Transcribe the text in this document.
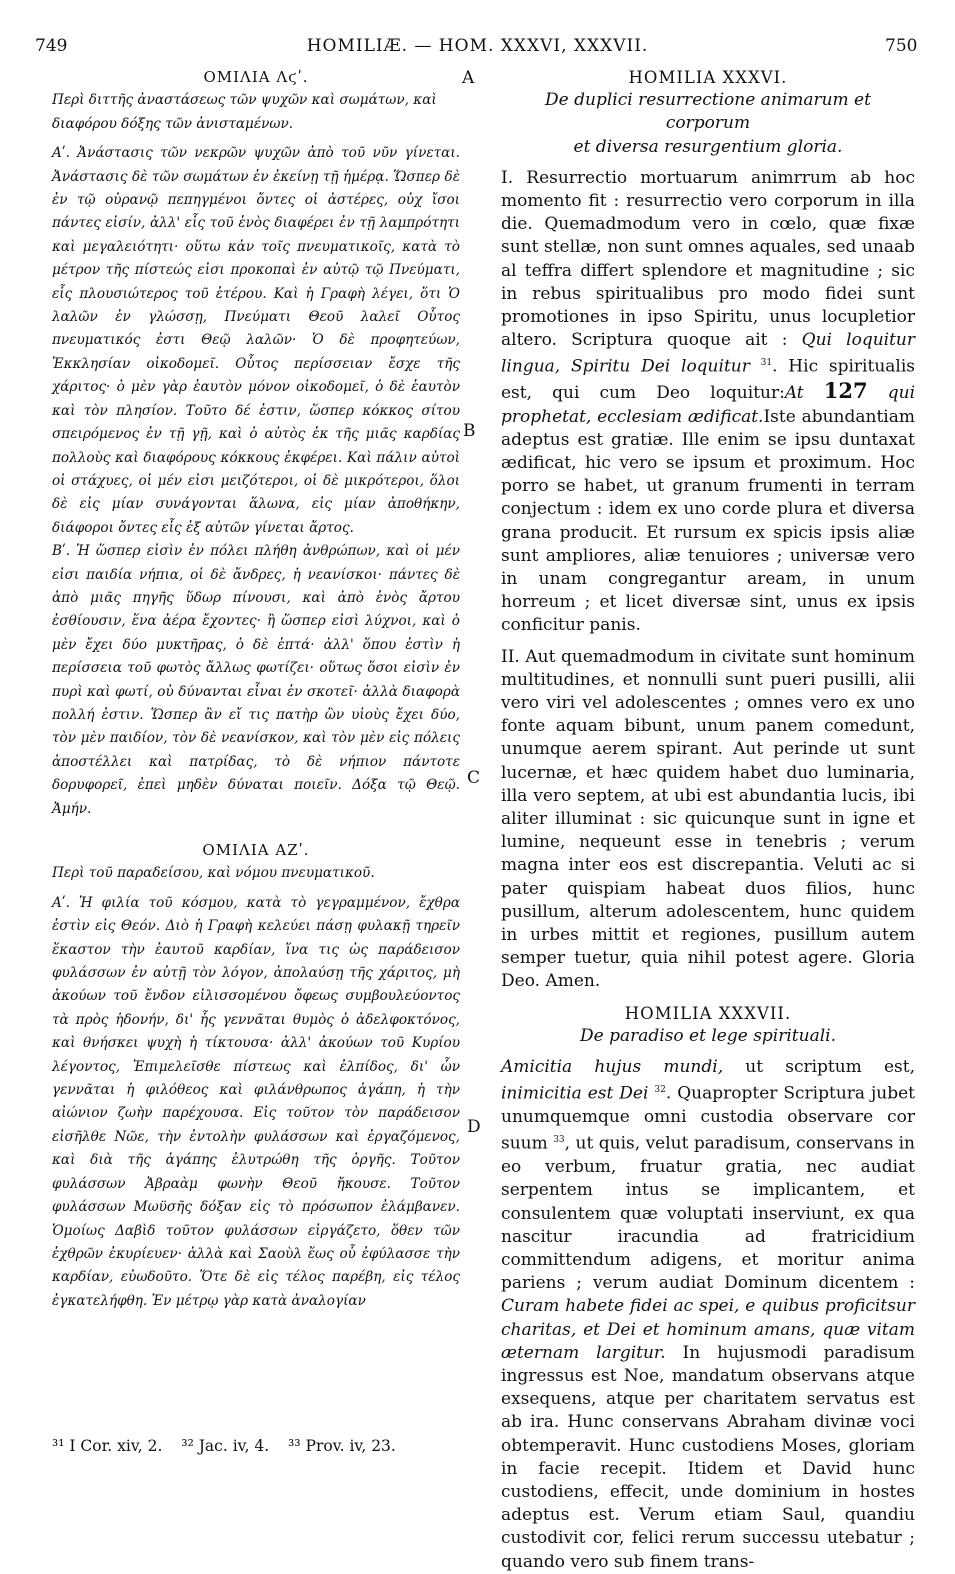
749	HOMILIÆ. — HOM. XXXVI, XXXVII.	750
A
B
C
D
ΟΜΙΛΙΑ Λϛʹ.

Περὶ διττῆς ἀναστάσεως τῶν ψυχῶν καὶ σωμάτων, καὶ διαφόρου δόξης τῶν ἀνισταμένων.

Αʹ. Ἀνάστασις τῶν νεκρῶν ψυχῶν ἀπὸ τοῦ νῦν γίνεται. Ἀνάστασις δὲ τῶν σωμάτων ἐν ἐκείνῃ τῇ ἡμέρᾳ. Ὥσπερ δὲ ἐν τῷ οὐρανῷ πεπηγμένοι ὄντες οἱ ἀστέρες, οὐχ ἴσοι πάντες εἰσίν, ἀλλ' εἷς τοῦ ἑνὸς διαφέρει ἐν τῇ λαμπρότητι καὶ μεγαλειότητι· οὕτω κἀν τοῖς πνευματικοῖς, κατὰ τὸ μέτρον τῆς πίστεώς εἰσι προκοπαὶ ἐν αὐτῷ τῷ Πνεύματι, εἷς πλουσιώτερος τοῦ ἑτέρου. Καὶ ἡ Γραφὴ λέγει, ὅτι Ὁ λαλῶν ἐν γλώσσῃ, Πνεύματι Θεοῦ λαλεῖ Οὗτος πνευματικός ἐστι Θεῷ λαλῶν· Ὁ δὲ προφητεύων, Ἐκκλησίαν οἰκοδομεῖ. Οὗτος περίσσειαν ἔσχε τῆς χάριτος· ὁ μὲν γὰρ ἑαυτὸν μόνον οἰκοδομεῖ, ὁ δὲ ἑαυτὸν καὶ τὸν πλησίον. Τοῦτο δέ ἐστιν, ὥσπερ κόκκος σίτου σπειρόμενος ἐν τῇ γῇ, καὶ ὁ αὐτὸς ἐκ τῆς μιᾶς καρδίας πολλοὺς καὶ διαφόρους κόκκους ἐκφέρει. Καὶ πάλιν αὐτοὶ οἱ στάχυες, οἱ μέν εἰσι μειζότεροι, οἱ δὲ μικρότεροι, ὅλοι δὲ εἰς μίαν συνάγονται ἅλωνα, εἰς μίαν ἀποθήκην, διάφοροι ὄντες εἷς ἐξ αὐτῶν γίνεται ἄρτος.

Βʹ. Ἡ ὥσπερ εἰσὶν ἐν πόλει πλήθη ἀνθρώπων, καὶ οἱ μέν εἰσι παιδία νήπια, οἱ δὲ ἄνδρες, ἡ νεανίσκοι· πάντες δὲ ἀπὸ μιᾶς πηγῆς ὕδωρ πίνουσι, καὶ ἀπὸ ἑνὸς ἄρτου ἐσθίουσιν, ἕνα ἀέρα ἔχοντες· ἢ ὥσπερ εἰσὶ λύχνοι, καὶ ὁ μὲν ἔχει δύο μυκτῆρας, ὁ δὲ ἑπτά· ἀλλ' ὅπου ἐστὶν ἡ περίσσεια τοῦ φωτὸς ἄλλως φωτίζει· οὕτως ὅσοι εἰσὶν ἐν πυρὶ καὶ φωτί, οὐ δύνανται εἶναι ἐν σκοτεῖ· ἀλλὰ διαφορὰ πολλή ἐστιν. Ὥσπερ ἂν εἴ τις πατὴρ ὢν υἱοὺς ἔχει δύο, τὸν μὲν παιδίον, τὸν δὲ νεανίσκον, καὶ τὸν μὲν εἰς πόλεις ἀποστέλλει καὶ πατρίδας, τὸ δὲ νήπιον πάντοτε δορυφορεῖ, ἐπεὶ μηδὲν δύναται ποιεῖν. Δόξα τῷ Θεῷ. Ἀμήν.

ΟΜΙΛΙΑ ΑΖʹ.

Περὶ τοῦ παραδείσου, καὶ νόμου πνευματικοῦ.

Αʹ. Ἡ φιλία τοῦ κόσμου, κατὰ τὸ γεγραμμένον, ἔχθρα ἐστὶν εἰς Θεόν. Διὸ ἡ Γραφὴ κελεύει πάσῃ φυλακῇ τηρεῖν ἕκαστον τὴν ἑαυτοῦ καρδίαν, ἵνα τις ὡς παράδεισον φυλάσσων ἐν αὐτῇ τὸν λόγον, ἀπολαύσῃ τῆς χάριτος, μὴ ἀκούων τοῦ ἔνδον εἱλισσομένου ὄφεως συμβουλεύοντος τὰ πρὸς ἡδονήν, δι' ἧς γεννᾶται θυμὸς ὁ ἀδελφοκτόνος, καὶ θνήσκει ψυχὴ ἡ τίκτουσα· ἀλλ' ἀκούων τοῦ Κυρίου λέγοντος, Ἐπιμελεῖσθε πίστεως καὶ ἐλπίδος, δι' ὧν γεννᾶται ἡ φιλόθεος καὶ φιλάνθρωπος ἀγάπη, ἡ τὴν αἰώνιον ζωὴν παρέχουσα. Εἰς τοῦτον τὸν παράδεισον εἰσῆλθε Νῶε, τὴν ἐντολὴν φυλάσσων καὶ ἐργαζόμενος, καὶ διὰ τῆς ἀγάπης ἐλυτρώθη τῆς ὀργῆς. Τοῦτον φυλάσσων Ἀβραὰμ φωνὴν Θεοῦ ἤκουσε. Τοῦτον φυλάσσων Μωϋσῆς δόξαν εἰς τὸ πρόσωπον ἐλάμβανεν. Ὁμοίως Δαβὶδ τοῦτον φυλάσσων εἰργάζετο, ὅθεν τῶν ἐχθρῶν ἐκυρίευεν· ἀλλὰ καὶ Σαοὺλ ἕως οὗ ἐφύλασσε τὴν καρδίαν, εὐωδοῦτο. Ὅτε δὲ εἰς τέλος παρέβη, εἰς τέλος ἐγκατελήφθη. Ἐν μέτρῳ γὰρ κατὰ ἀναλογίαν

HOMILIA XXXVI.
De duplici resurrectione animarum et corporum
et diversa resurgentium gloria.

I. Resurrectio mortuarum animrrum ab hoc momento fit : resurrectio vero corporum in illa die. Quemadmodum vero in cœlo, quæ fixæ sunt stellæ, non sunt omnes aquales, sed unaab al teffra differt splendore et magnitudine ; sic in rebus spiritualibus pro modo fidei sunt promotiones in ipso Spiritu, unus locupletior altero. Scriptura quoque ait : Qui loquitur lingua, Spiritu Dei loquitur $^{31}$. Hic spiritualis est, qui cum Deo loquitur:At 127 qui prophetat, ecclesiam ædificat.Iste abundantiam adeptus est gratiæ. Ille enim se ipsu duntaxat ædificat, hic vero se ipsum et proximum. Hoc porro se habet, ut granum frumenti in terram conjectum : idem ex uno corde plura et diversa grana producit. Et rursum ex spicis ipsis aliæ sunt ampliores, aliæ tenuiores ; universæ vero in unam congregantur aream, in unum horreum ; et licet diversæ sint, unus ex ipsis conficitur panis.

II. Aut quemadmodum in civitate sunt hominum multitudines, et nonnulli sunt pueri pusilli, alii vero viri vel adolescentes ; omnes vero ex uno fonte aquam bibunt, unum panem comedunt, unumque aerem spirant. Aut perinde ut sunt lucernæ, et hæc quidem habet duo luminaria, illa vero septem, at ubi est abundantia lucis, ibi aliter illuminat : sic quicunque sunt in igne et lumine, nequeunt esse in tenebris ; verum magna inter eos est discrepantia. Veluti ac si pater quispiam habeat duos filios, hunc pusillum, alterum adolescentem, hunc quidem in urbes mittit et regiones, pusillum autem semper tuetur, quia nihil potest agere. Gloria Deo. Amen.

HOMILIA XXXVII.
De paradiso et lege spirituali.

Amicitia hujus mundi, ut scriptum est, inimicitia est Dei $^{32}$. Quapropter Scriptura jubet unumquemque omni custodia observare cor suum $^{33}$, ut quis, velut paradisum, conservans in eo verbum, fruatur gratia, nec audiat serpentem intus se implicantem, et consulentem quæ voluptati inserviunt, ex qua nascitur iracundia ad fratricidium committendum adigens, et moritur anima pariens ; verum audiat Dominum dicentem : Curam habete fidei ac spei, e quibus proficitsur charitas, et Dei et hominum amans, quæ vitam æternam largitur. In hujusmodi paradisum ingressus est Noe, mandatum observans atque exsequens, atque per charitatem servatus est ab ira. Hunc conservans Abraham divinæ voci obtemperavit. Hunc custodiens Moses, gloriam in facie recepit. Itidem et David hunc custodiens, effecit, unde dominium in hostes adeptus est. Verum etiam Saul, quandiu custodivit cor, felici rerum successu utebatur ; quando vero sub finem trans-

³¹ I Cor. xiv, 2. ³² Jac. iv, 4. ³³ Prov. iv, 23.
